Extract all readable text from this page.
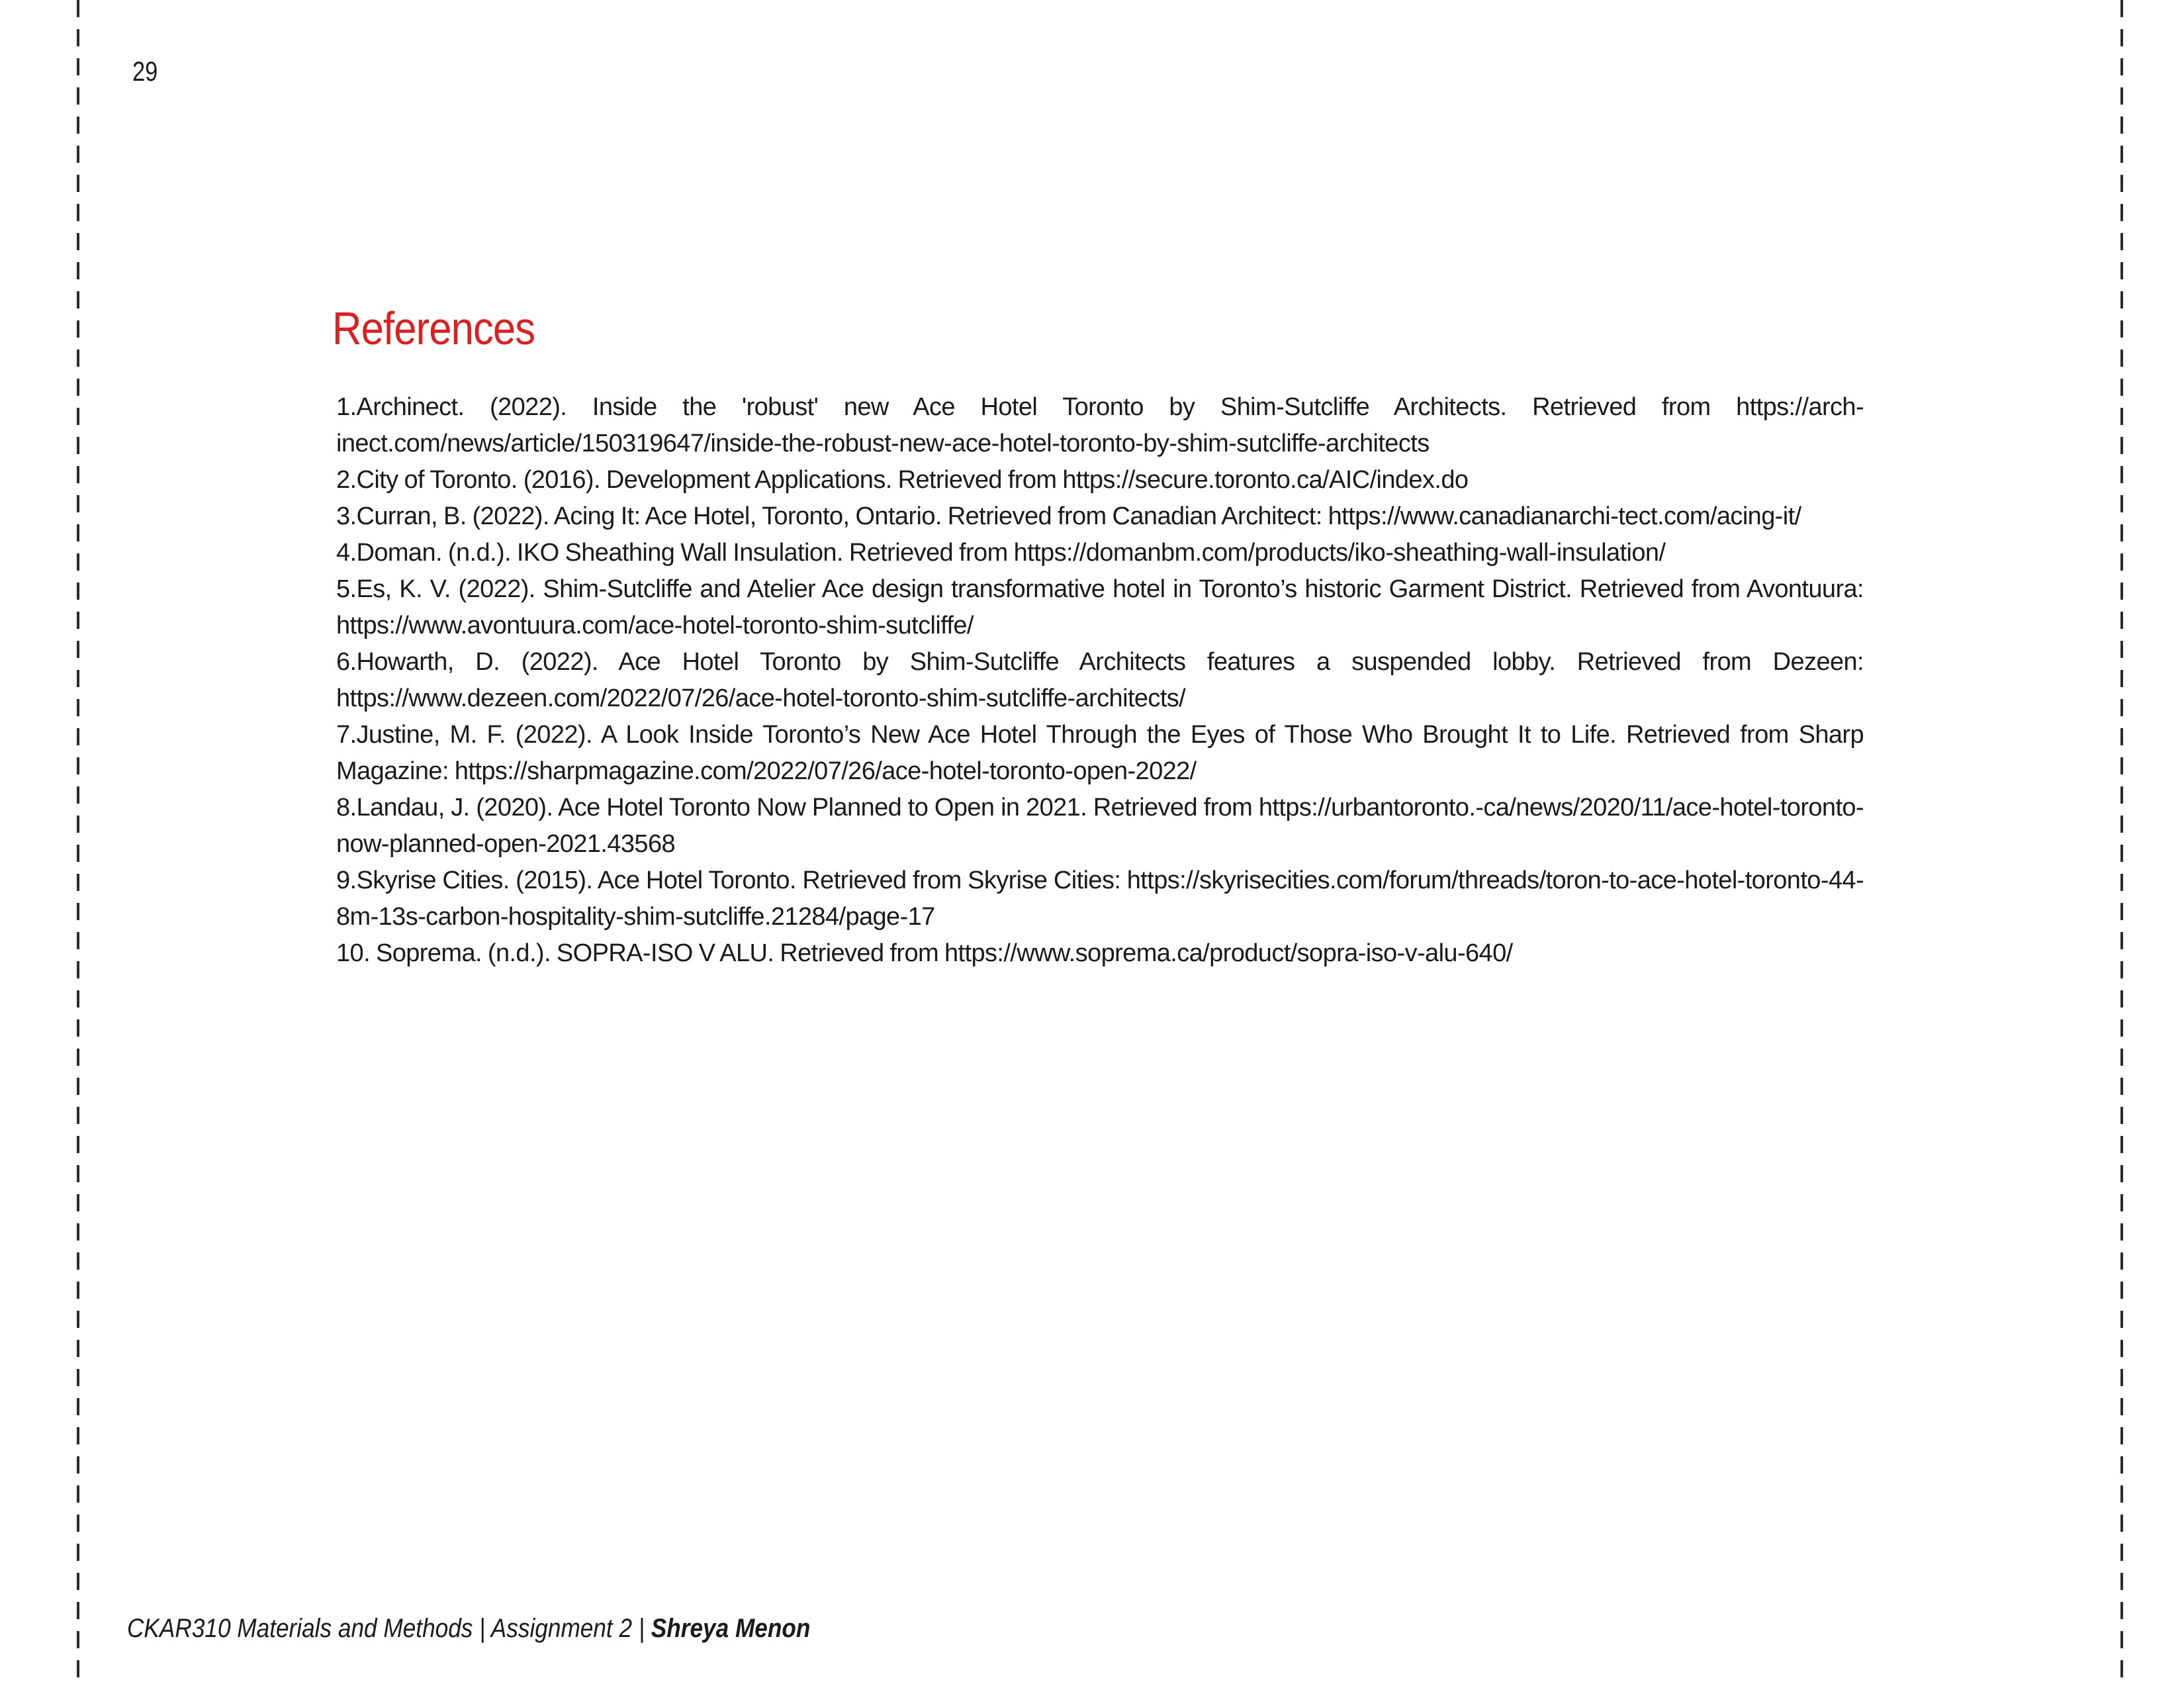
29
References
1.Archinect. (2022). Inside the 'robust' new Ace Hotel Toronto by Shim-Sutcliffe Architects. Retrieved from https://arch-inect.com/news/article/150319647/inside-the-robust-new-ace-hotel-toronto-by-shim-sutcliffe-architects
2.City of Toronto. (2016). Development Applications. Retrieved from https://secure.toronto.ca/AIC/index.do
3.Curran, B. (2022). Acing It: Ace Hotel, Toronto, Ontario. Retrieved from Canadian Architect: https://www.canadianarchi-tect.com/acing-it/
4.Doman. (n.d.). IKO Sheathing Wall Insulation. Retrieved from https://domanbm.com/products/iko-sheathing-wall-insulation/
5.Es, K. V. (2022). Shim-Sutcliffe and Atelier Ace design transformative hotel in Toronto’s historic Garment District. Retrieved from Avontuura: https://www.avontuura.com/ace-hotel-toronto-shim-sutcliffe/
6.Howarth, D. (2022). Ace Hotel Toronto by Shim-Sutcliffe Architects features a suspended lobby. Retrieved from Dezeen: https://www.dezeen.com/2022/07/26/ace-hotel-toronto-shim-sutcliffe-architects/
7.Justine, M. F. (2022). A Look Inside Toronto’s New Ace Hotel Through the Eyes of Those Who Brought It to Life. Retrieved from Sharp Magazine: https://sharpmagazine.com/2022/07/26/ace-hotel-toronto-open-2022/
8.Landau, J. (2020). Ace Hotel Toronto Now Planned to Open in 2021. Retrieved from https://urbantoronto.-ca/news/2020/11/ace-hotel-toronto-now-planned-open-2021.43568
9.Skyrise Cities. (2015). Ace Hotel Toronto. Retrieved from Skyrise Cities: https://skyrisecities.com/forum/threads/toron-to-ace-hotel-toronto-44-8m-13s-carbon-hospitality-shim-sutcliffe.21284/page-17
10. Soprema. (n.d.). SOPRA-ISO V ALU. Retrieved from https://www.soprema.ca/product/sopra-iso-v-alu-640/
CKAR310 Materials and Methods | Assignment 2 | Shreya Menon
